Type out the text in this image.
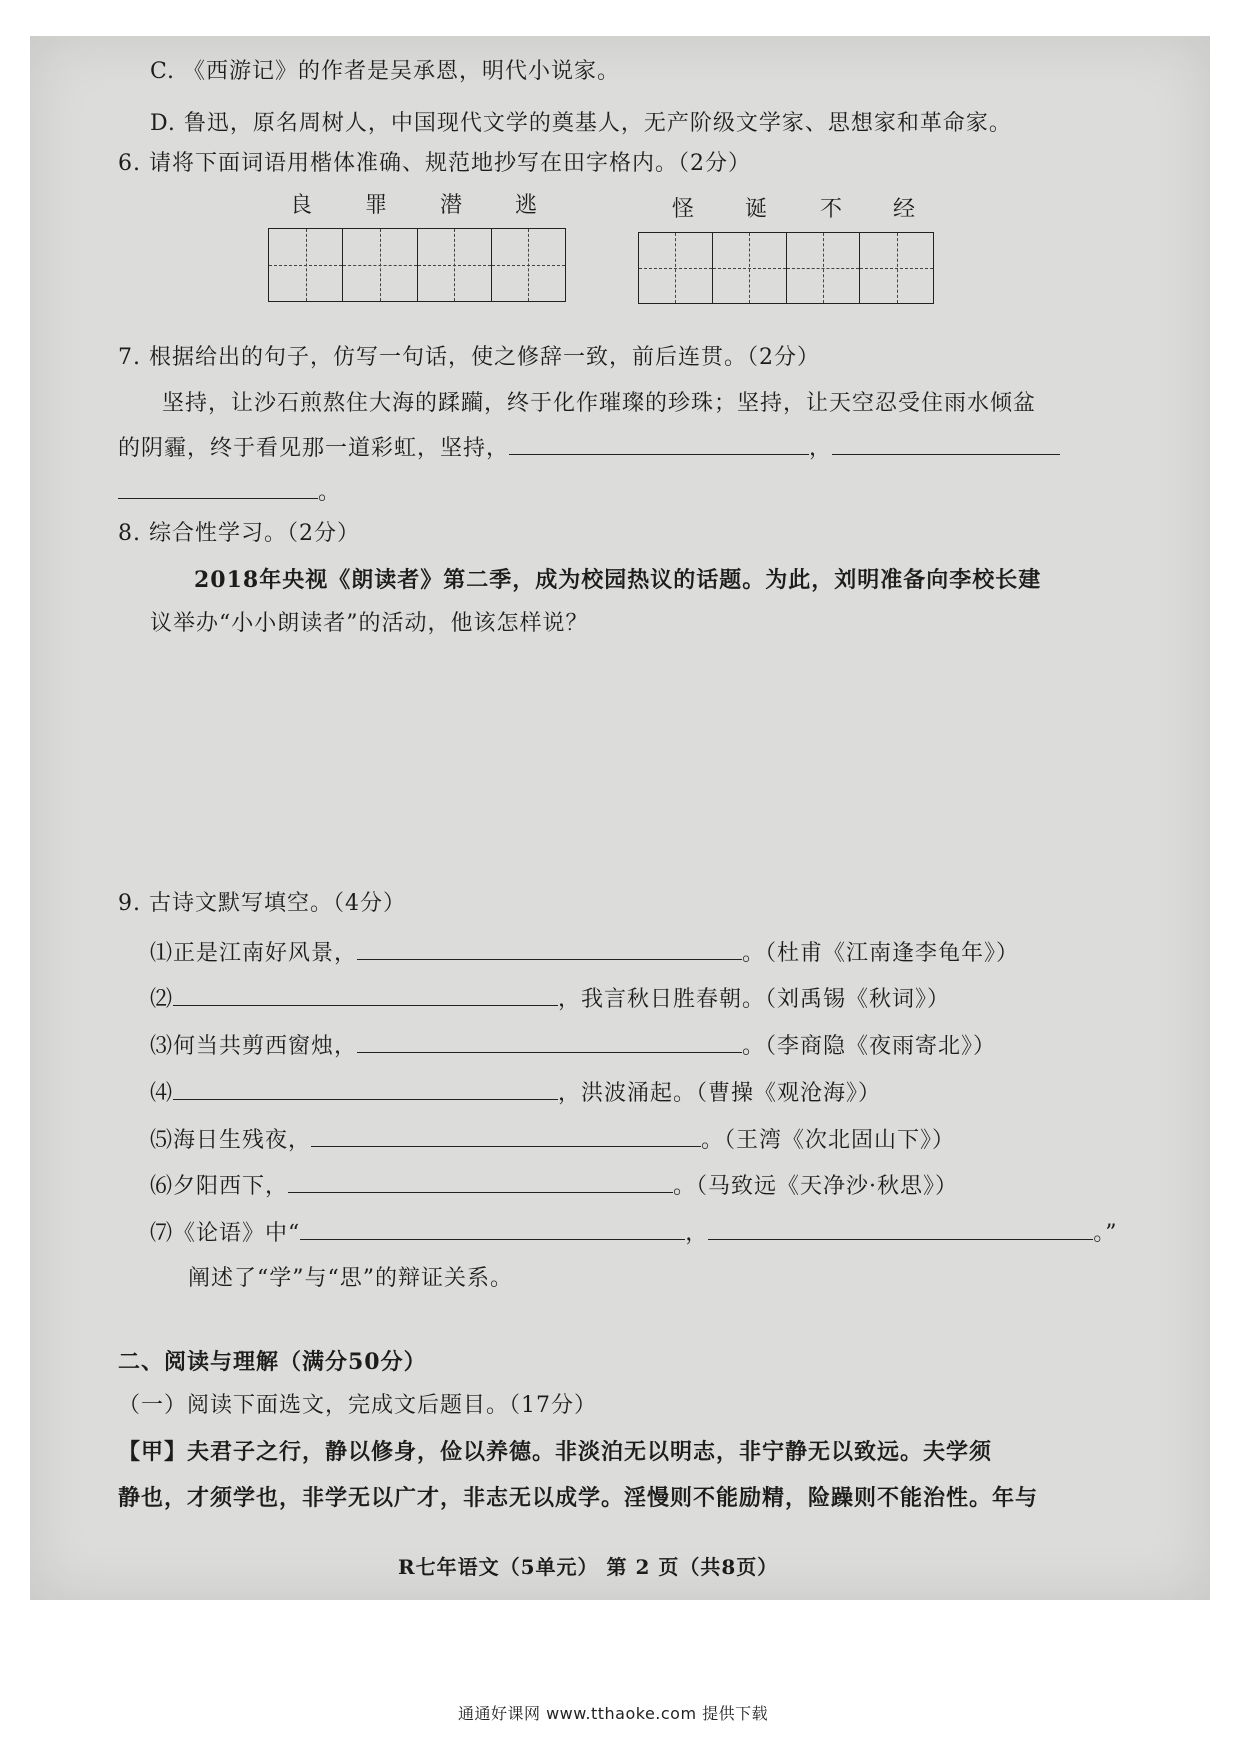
C. 《西游记》的作者是吴承恩，明代小说家。
D. 鲁迅，原名周树人，中国现代文学的奠基人，无产阶级文学家、思想家和革命家。
6. 请将下面词语用楷体准确、规范地抄写在田字格内。（2分）
良 罪 潜 逃	怪 诞 不 经
7. 根据给出的句子，仿写一句话，使之修辞一致，前后连贯。（2分）
坚持，让沙石煎熬住大海的蹂躏，终于化作璀璨的珍珠；坚持，让天空忍受住雨水倾盆
的阴霾，终于看见那一道彩虹，坚持，	，
。
8. 综合性学习。（2分）
2018年央视《朗读者》第二季，成为校园热议的话题。为此，刘明准备向李校长建
议举办“小小朗读者”的活动，他该怎样说？
9. 古诗文默写填空。（4分）
⑴正是江南好风景，	。（杜甫《江南逢李龟年》）
⑵	，我言秋日胜春朝。（刘禹锡《秋词》）
⑶何当共剪西窗烛，	。（李商隐《夜雨寄北》）
⑷	，洪波涌起。（曹操《观沧海》）
⑸海日生残夜，	。（王湾《次北固山下》）
⑹夕阳西下，	。（马致远《天净沙·秋思》）
⑺《论语》中“	，	。”
阐述了“学”与“思”的辩证关系。
二、阅读与理解（满分50分）
（一）阅读下面选文，完成文后题目。（17分）
【甲】夫君子之行，静以修身，俭以养德。非淡泊无以明志，非宁静无以致远。夫学须
静也，才须学也，非学无以广才，非志无以成学。淫慢则不能励精，险躁则不能治性。年与
R七年语文（5单元） 第 2 页（共8页）
通通好课网 www.tthaoke.com 提供下载
